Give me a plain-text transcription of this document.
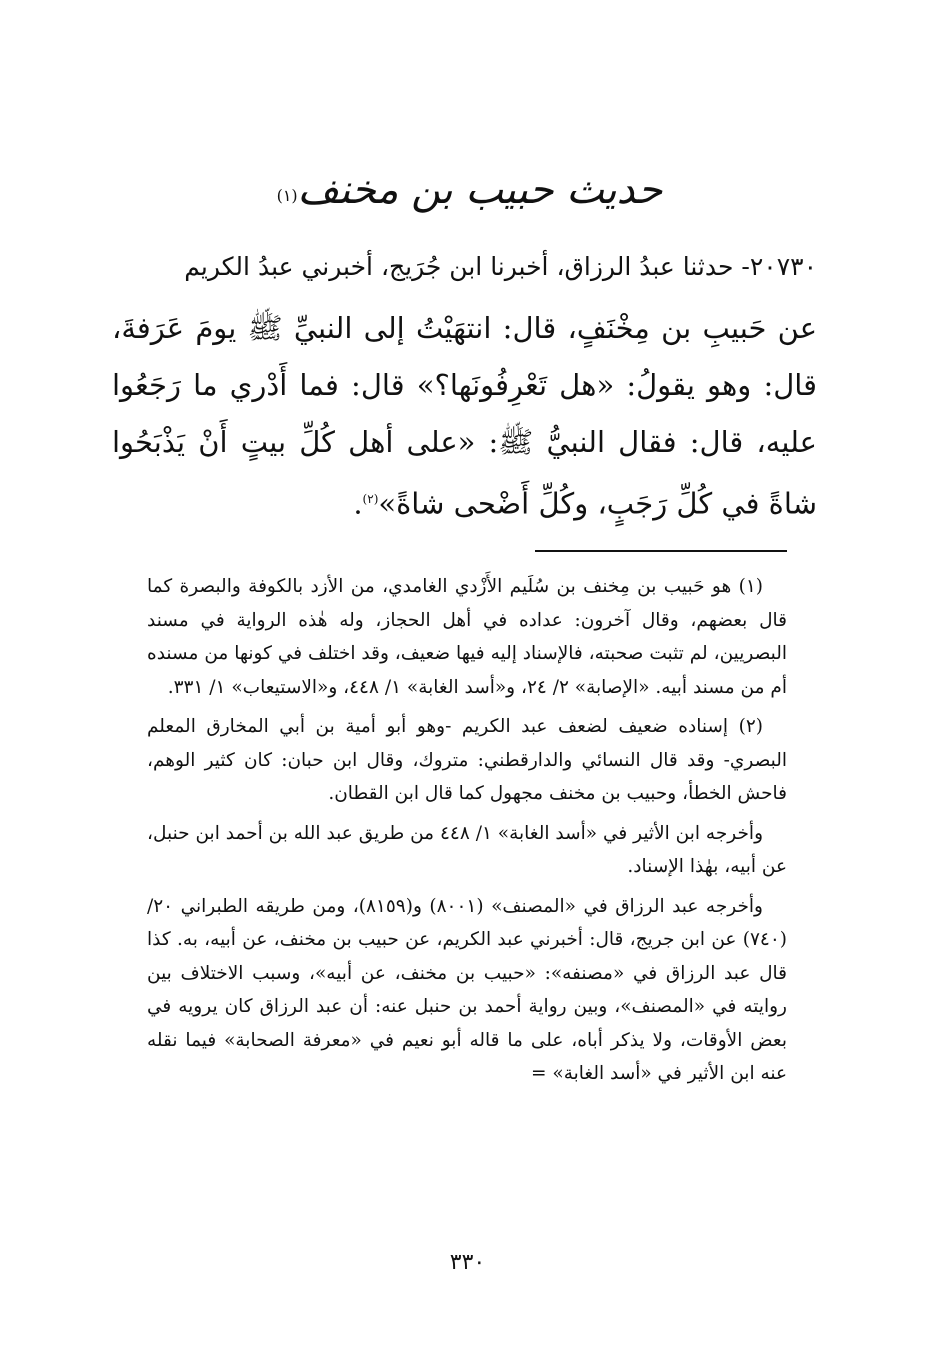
حديث حبيب بن مخنف$^{(١)}$
٢٠٧٣٠- حدثنا عبدُ الرزاق، أخبرنا ابن جُرَيج، أخبرني عبدُ الكريم
عن حَبيبِ بن مِخْنَفٍ، قال: انتهَيْتُ إلى النبيِّ ﷺ يومَ عَرَفةَ، قال: وهو يقولُ: «هل تَعْرِفُونَها؟» قال: فما أَدْري ما رَجَعُوا عليه، قال: فقال النبيُّ ﷺ: «على أهل كُلِّ بيتٍ أَنْ يَذْبَحُوا شاةً في كُلِّ رَجَبٍ، وكُلِّ أَضْحى شاةً»$^{(٢)}$.

(١) هو حَبيب بن مِخنف بن سُلَيم الأَزْدي الغامدي، من الأزد بالكوفة والبصرة كما قال بعضهم، وقال آخرون: عداده في أهل الحجاز، وله هٰذه الرواية في مسند البصريين، لم تثبت صحبته، فالإسناد إليه فيها ضعيف، وقد اختلف في كونها من مسنده أم من مسند أبيه. «الإصابة» ٢/ ٢٤، و«أسد الغابة» ١/ ٤٤٨، و«الاستيعاب» ١/ ٣٣١.

(٢) إسناده ضعيف لضعف عبد الكريم -وهو أبو أمية بن أبي المخارق المعلم البصري- وقد قال النسائي والدارقطني: متروك، وقال ابن حبان: كان كثير الوهم، فاحش الخطأ، وحبيب بن مخنف مجهول كما قال ابن القطان.

وأخرجه ابن الأثير في «أسد الغابة» ١/ ٤٤٨ من طريق عبد الله بن أحمد ابن حنبل، عن أبيه، بهٰذا الإسناد.

وأخرجه عبد الرزاق في «المصنف» (٨٠٠١) و(٨١٥٩)، ومن طريقه الطبراني ٢٠/ (٧٤٠) عن ابن جريج، قال: أخبرني عبد الكريم، عن حبيب بن مخنف، عن أبيه، به. كذا قال عبد الرزاق في «مصنفه»: «حبيب بن مخنف، عن أبيه»، وسبب الاختلاف بين روايته في «المصنف»، وبين رواية أحمد بن حنبل عنه: أن عبد الرزاق كان يرويه في بعض الأوقات، ولا يذكر أباه، على ما قاله أبو نعيم في «معرفة الصحابة» فيما نقله عنه ابن الأثير في «أسد الغابة» =

٣٣٠
